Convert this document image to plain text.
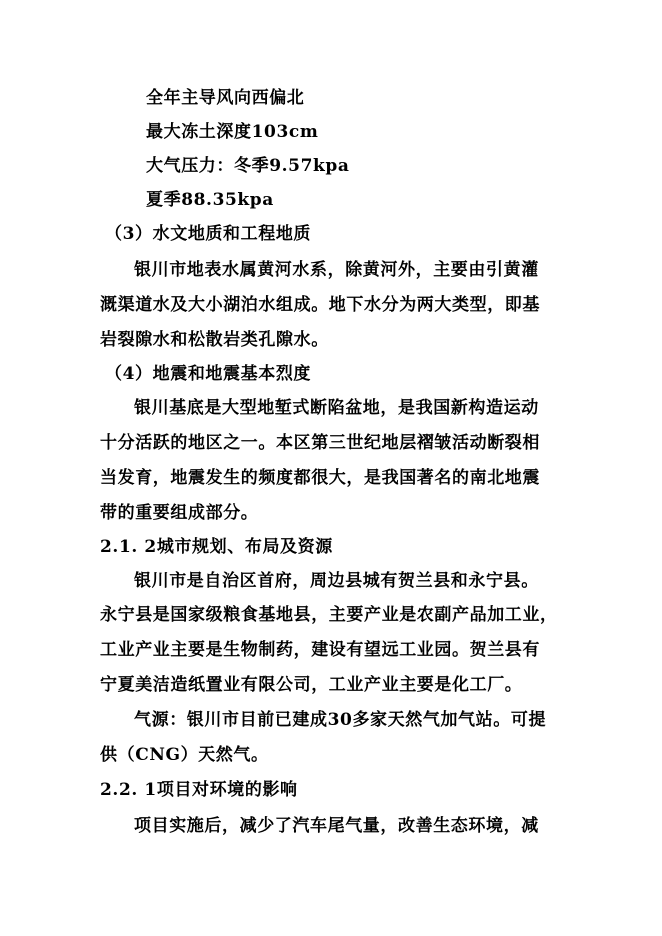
全年主导风向西偏北
最大冻土深度103cm
大气压力：冬季9.57kpa
夏季88.35kpa
（3）水文地质和工程地质
银川市地表水属黄河水系，除黄河外，主要由引黄灌
溉渠道水及大小湖泊水组成。地下水分为两大类型，即基
岩裂隙水和松散岩类孔隙水。
（4）地震和地震基本烈度
银川基底是大型地堑式断陷盆地，是我国新构造运动
十分活跃的地区之一。本区第三世纪地层褶皱活动断裂相
当发育，地震发生的频度都很大，是我国著名的南北地震
带的重要组成部分。
2.1. 2城市规划、布局及资源
银川市是自治区首府，周边县城有贺兰县和永宁县。
永宁县是国家级粮食基地县，主要产业是农副产品加工业，
工业产业主要是生物制药，建设有望远工业园。贺兰县有
宁夏美洁造纸置业有限公司，工业产业主要是化工厂。
气源：银川市目前已建成30多家天然气加气站。可提
供（CNG）天然气。
2.2. 1项目对环境的影响
项目实施后，减少了汽车尾气量，改善生态环境，减
